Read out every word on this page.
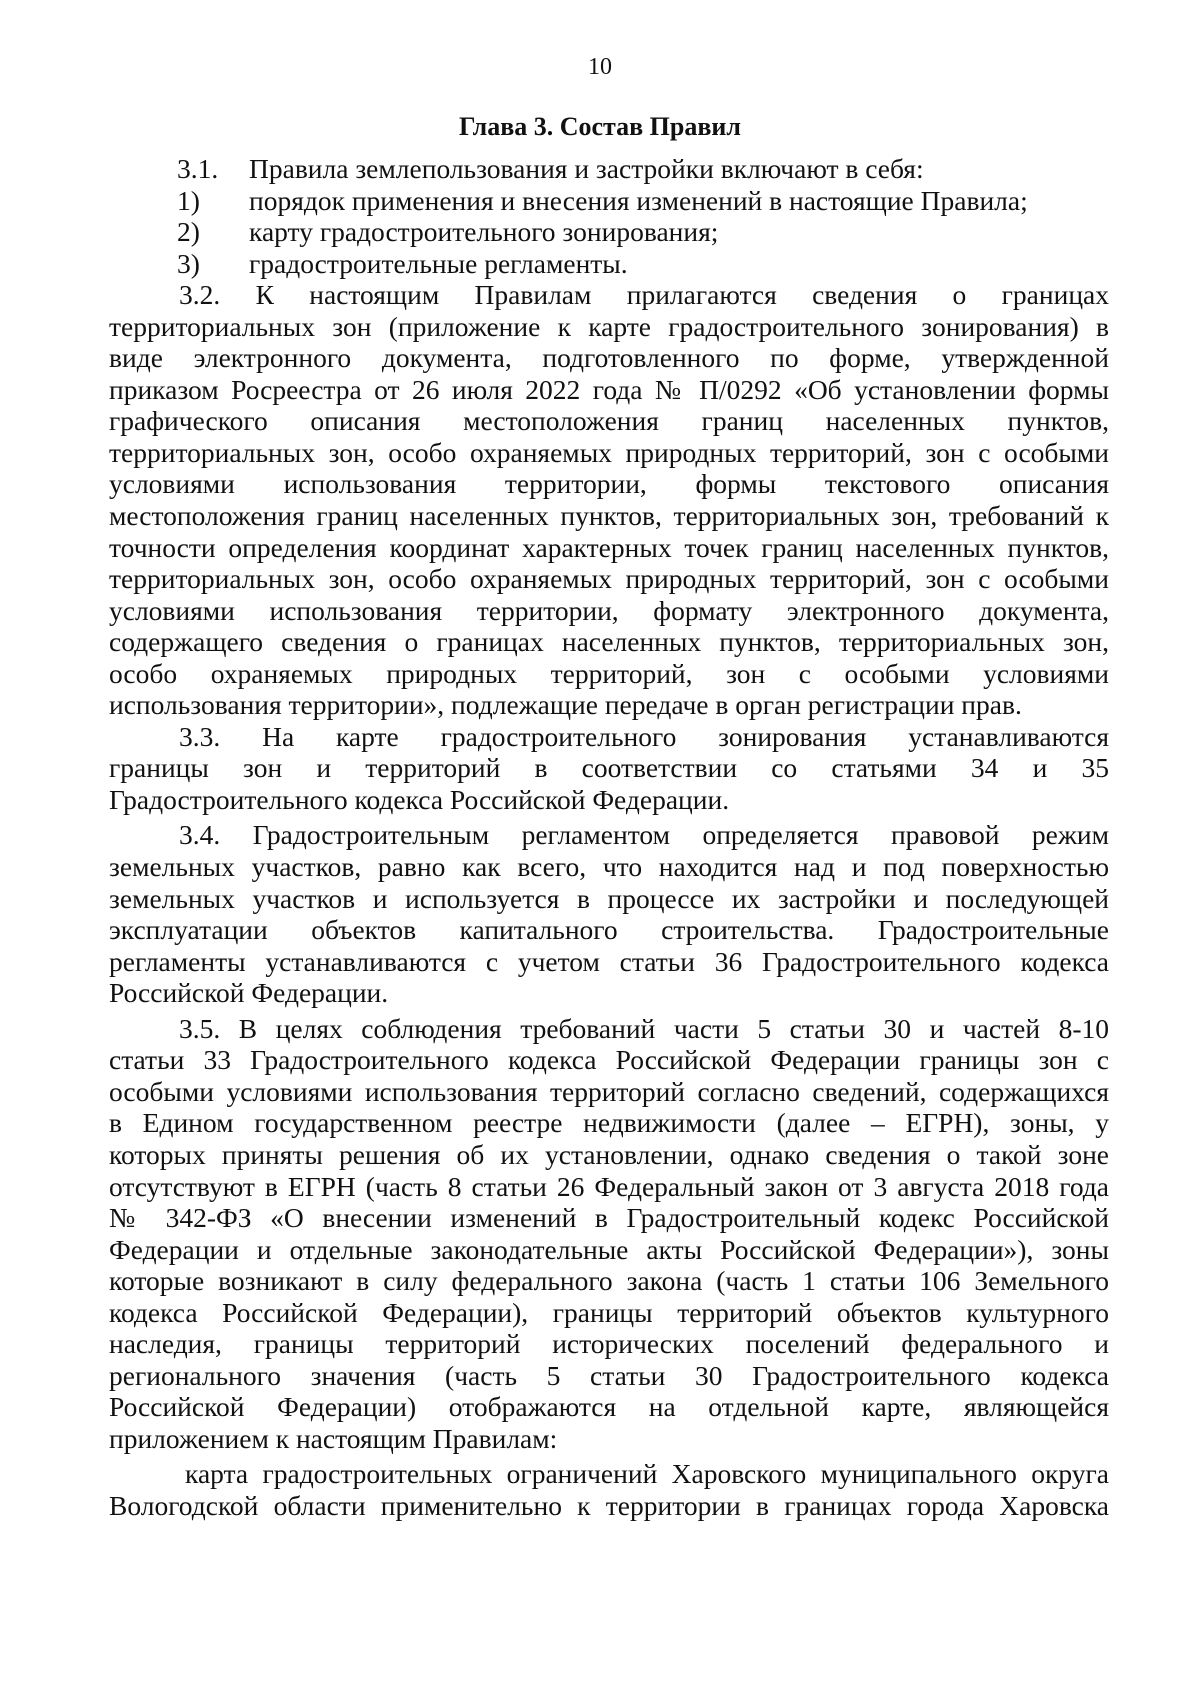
10
Глава 3. Состав Правил
3.1.	Правила землепользования и застройки включают в себя:
1)	порядок применения и внесения изменений в настоящие Правила;
2)	карту градостроительного зонирования;
3)	градостроительные регламенты.
3.2. К настоящим Правилам прилагаются сведения о границах
территориальных зон (приложение к карте градостроительного зонирования) в
виде электронного документа, подготовленного по форме, утвержденной
приказом Росреестра от 26 июля 2022 года № П/0292 «Об установлении формы
графического описания местоположения границ населенных пунктов,
территориальных зон, особо охраняемых природных территорий, зон с особыми
условиями использования территории, формы текстового описания
местоположения границ населенных пунктов, территориальных зон, требований к
точности определения координат характерных точек границ населенных пунктов,
территориальных зон, особо охраняемых природных территорий, зон с особыми
условиями использования территории, формату электронного документа,
содержащего сведения о границах населенных пунктов, территориальных зон,
особо охраняемых природных территорий, зон с особыми условиями
использования территории», подлежащие передаче в орган регистрации прав.
3.3. На карте градостроительного зонирования устанавливаются
границы зон и территорий в соответствии со статьями 34 и 35
Градостроительного кодекса Российской Федерации.
3.4. Градостроительным регламентом определяется правовой режим
земельных участков, равно как всего, что находится над и под поверхностью
земельных участков и используется в процессе их застройки и последующей
эксплуатации объектов капитального строительства. Градостроительные
регламенты устанавливаются с учетом статьи 36 Градостроительного кодекса
Российской Федерации.
3.5. В целях соблюдения требований части 5 статьи 30 и частей 8-10
статьи 33 Градостроительного кодекса Российской Федерации границы зон с
особыми условиями использования территорий согласно сведений, содержащихся
в Едином государственном реестре недвижимости (далее – ЕГРН), зоны, у
которых приняты решения об их установлении, однако сведения о такой зоне
отсутствуют в ЕГРН (часть 8 статьи 26 Федеральный закон от 3 августа 2018 года
№ 342-ФЗ «О внесении изменений в Градостроительный кодекс Российской
Федерации и отдельные законодательные акты Российской Федерации»), зоны
которые возникают в силу федерального закона (часть 1 статьи 106 Земельного
кодекса Российской Федерации), границы территорий объектов культурного
наследия, границы территорий исторических поселений федерального и
регионального значения (часть 5 статьи 30 Градостроительного кодекса
Российской Федерации) отображаются на отдельной карте, являющейся
приложением к настоящим Правилам:
карта градостроительных ограничений Харовского муниципального округа
Вологодской области применительно к территории в границах города Харовска
